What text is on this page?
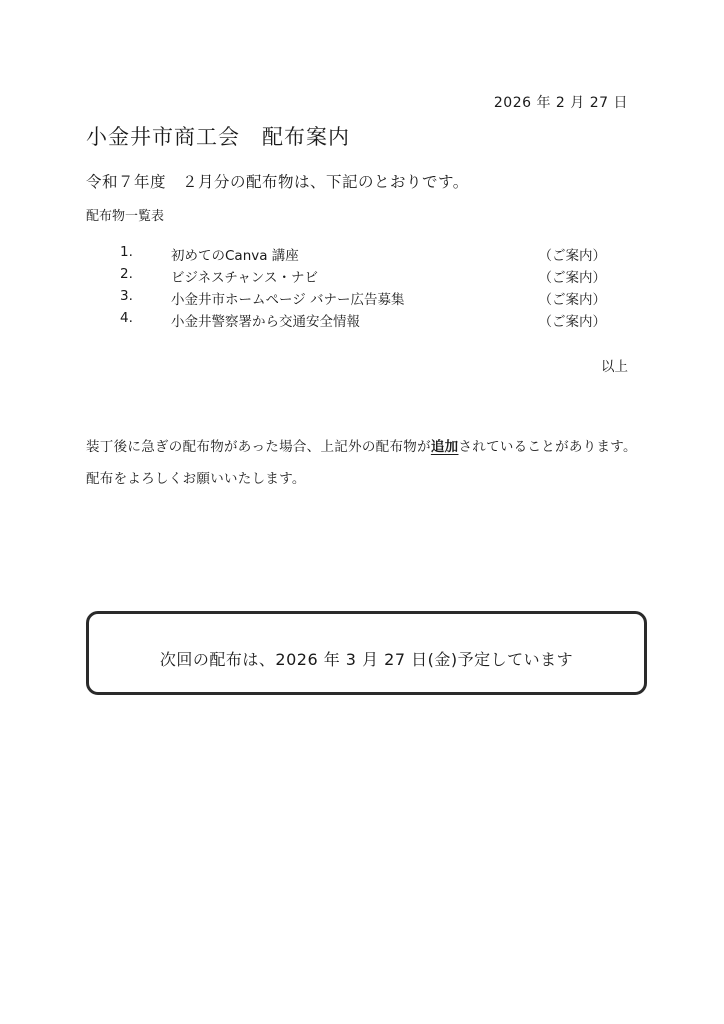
2026 年 2 月 27 日
小金井市商工会　配布案内
令和７年度　２月分の配布物は、下記のとおりです。
配布物一覧表
1.	初めてのCanva 講座	（ご案内）
2.	ビジネスチャンス・ナビ	（ご案内）
3.	小金井市ホームページ バナー広告募集	（ご案内）
4.	小金井警察署から交通安全情報	（ご案内）
以上
装丁後に急ぎの配布物があった場合、上記外の配布物が追加されていることがあります。配布をよろしくお願いいたします。
次回の配布は、2026 年 3 月 27 日(金)予定しています
